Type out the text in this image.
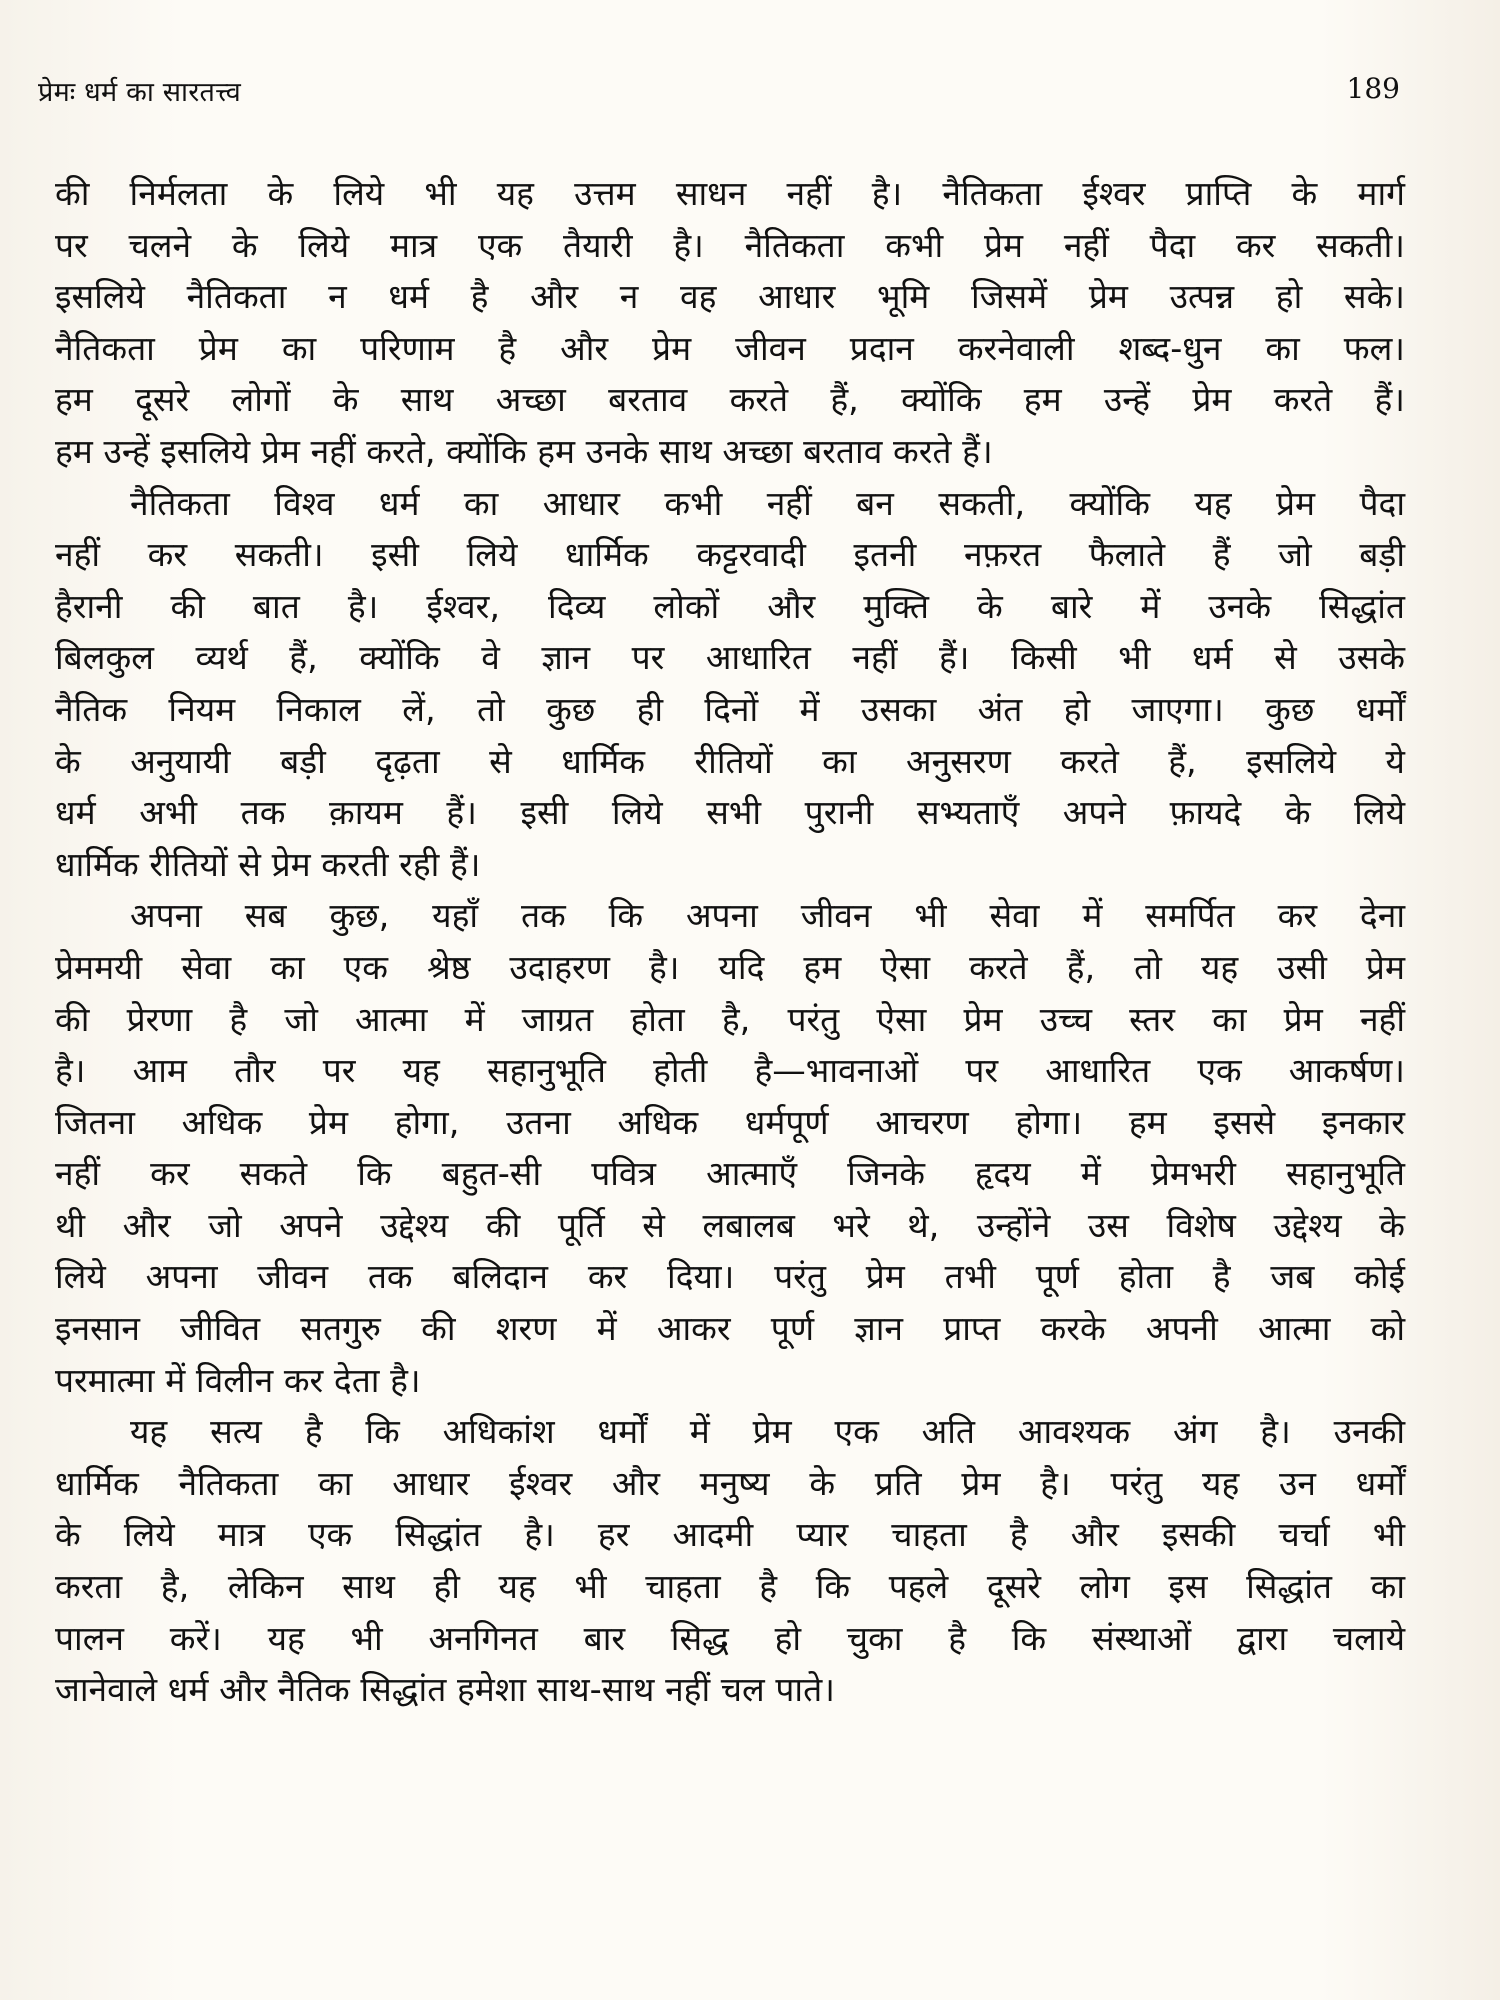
प्रेमः धर्म का सारतत्त्व	189
की निर्मलता के लिये भी यह उत्तम साधन नहीं है। नैतिकता ईश्वर प्राप्ति के मार्ग
पर चलने के लिये मात्र एक तैयारी है। नैतिकता कभी प्रेम नहीं पैदा कर सकती।
इसलिये नैतिकता न धर्म है और न वह आधार भूमि जिसमें प्रेम उत्पन्न हो सके।
नैतिकता प्रेम का परिणाम है और प्रेम जीवन प्रदान करनेवाली शब्द-धुन का फल।
हम दूसरे लोगों के साथ अच्छा बरताव करते हैं, क्योंकि हम उन्हें प्रेम करते हैं।
हम उन्हें इसलिये प्रेम नहीं करते, क्योंकि हम उनके साथ अच्छा बरताव करते हैं।
नैतिकता विश्व धर्म का आधार कभी नहीं बन सकती, क्योंकि यह प्रेम पैदा
नहीं कर सकती। इसी लिये धार्मिक कट्टरवादी इतनी नफ़रत फैलाते हैं जो बड़ी
हैरानी की बात है। ईश्वर, दिव्य लोकों और मुक्ति के बारे में उनके सिद्धांत
बिलकुल व्यर्थ हैं, क्योंकि वे ज्ञान पर आधारित नहीं हैं। किसी भी धर्म से उसके
नैतिक नियम निकाल लें, तो कुछ ही दिनों में उसका अंत हो जाएगा। कुछ धर्मों
के अनुयायी बड़ी दृढ़ता से धार्मिक रीतियों का अनुसरण करते हैं, इसलिये ये
धर्म अभी तक क़ायम हैं। इसी लिये सभी पुरानी सभ्यताएँ अपने फ़ायदे के लिये
धार्मिक रीतियों से प्रेम करती रही हैं।
अपना सब कुछ, यहाँ तक कि अपना जीवन भी सेवा में समर्पित कर देना
प्रेममयी सेवा का एक श्रेष्ठ उदाहरण है। यदि हम ऐसा करते हैं, तो यह उसी प्रेम
की प्रेरणा है जो आत्मा में जाग्रत होता है, परंतु ऐसा प्रेम उच्च स्तर का प्रेम नहीं
है। आम तौर पर यह सहानुभूति होती है—भावनाओं पर आधारित एक आकर्षण।
जितना अधिक प्रेम होगा, उतना अधिक धर्मपूर्ण आचरण होगा। हम इससे इनकार
नहीं कर सकते कि बहुत-सी पवित्र आत्माएँ जिनके हृदय में प्रेमभरी सहानुभूति
थी और जो अपने उद्देश्य की पूर्ति से लबालब भरे थे, उन्होंने उस विशेष उद्देश्य के
लिये अपना जीवन तक बलिदान कर दिया। परंतु प्रेम तभी पूर्ण होता है जब कोई
इनसान जीवित सतगुरु की शरण में आकर पूर्ण ज्ञान प्राप्त करके अपनी आत्मा को
परमात्मा में विलीन कर देता है।
यह सत्य है कि अधिकांश धर्मों में प्रेम एक अति आवश्यक अंग है। उनकी
धार्मिक नैतिकता का आधार ईश्वर और मनुष्य के प्रति प्रेम है। परंतु यह उन धर्मों
के लिये मात्र एक सिद्धांत है। हर आदमी प्यार चाहता है और इसकी चर्चा भी
करता है, लेकिन साथ ही यह भी चाहता है कि पहले दूसरे लोग इस सिद्धांत का
पालन करें। यह भी अनगिनत बार सिद्ध हो चुका है कि संस्थाओं द्वारा चलाये
जानेवाले धर्म और नैतिक सिद्धांत हमेशा साथ-साथ नहीं चल पाते।
